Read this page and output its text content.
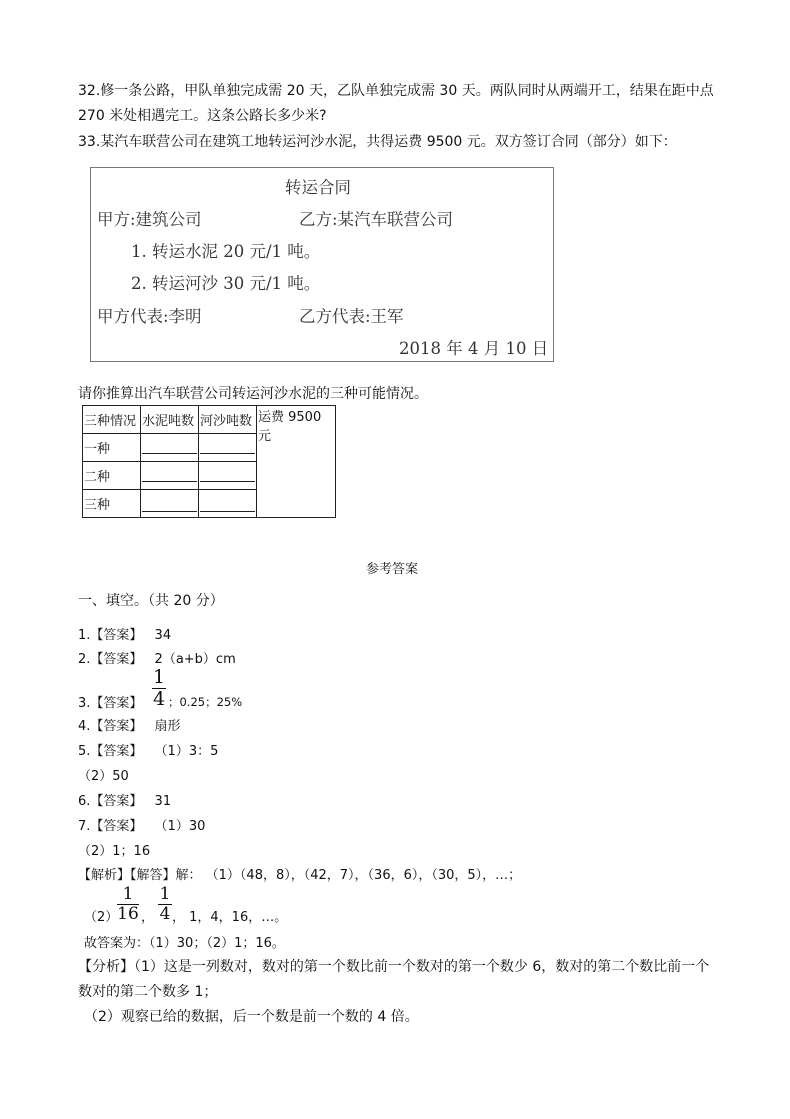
32.修一条公路，甲队单独完成需 20 天，乙队单独完成需 30 天。两队同时从两端开工，结果在距中点
270 米处相遇完工。这条公路长多少米?
33.某汽车联营公司在建筑工地转运河沙水泥，共得运费 9500 元。双方签订合同（部分）如下：
转运合同
甲方:建筑公司	乙方:某汽车联营公司
1. 转运水泥 20 元/1 吨。
2. 转运河沙 30 元/1 吨。
甲方代表:李明	乙方代表:王军
2018 年 4 月 10 日
请你推算出汽车联营公司转运河沙水泥的三种可能情况。
三种情况	水泥吨数	河沙吨数	运费 9500 元
一种		

二种		

三种		

参考答案
一、填空。（共 20 分）
1.【答案】 34
2.【答案】 2（a+b）cm
3.【答案】
1
4 ；0.25；25%
4.【答案】 扇形
5.【答案】 （1）3：5
（2）50
6.【答案】 31
7.【答案】 （1）30
（2）1；16
【解析】【解答】解： （1）（48，8），（42，7），（36，6），（30，5），…；
（2）
1
16 ，
1
4 ， 1，4，16，…。
故答案为：（1）30；（2）1；16。
【分析】（1）这是一列数对，数对的第一个数比前一个数对的第一个数少 6，数对的第二个数比前一个
数对的第二个数多 1；
（2）观察已给的数据，后一个数是前一个数的 4 倍。
